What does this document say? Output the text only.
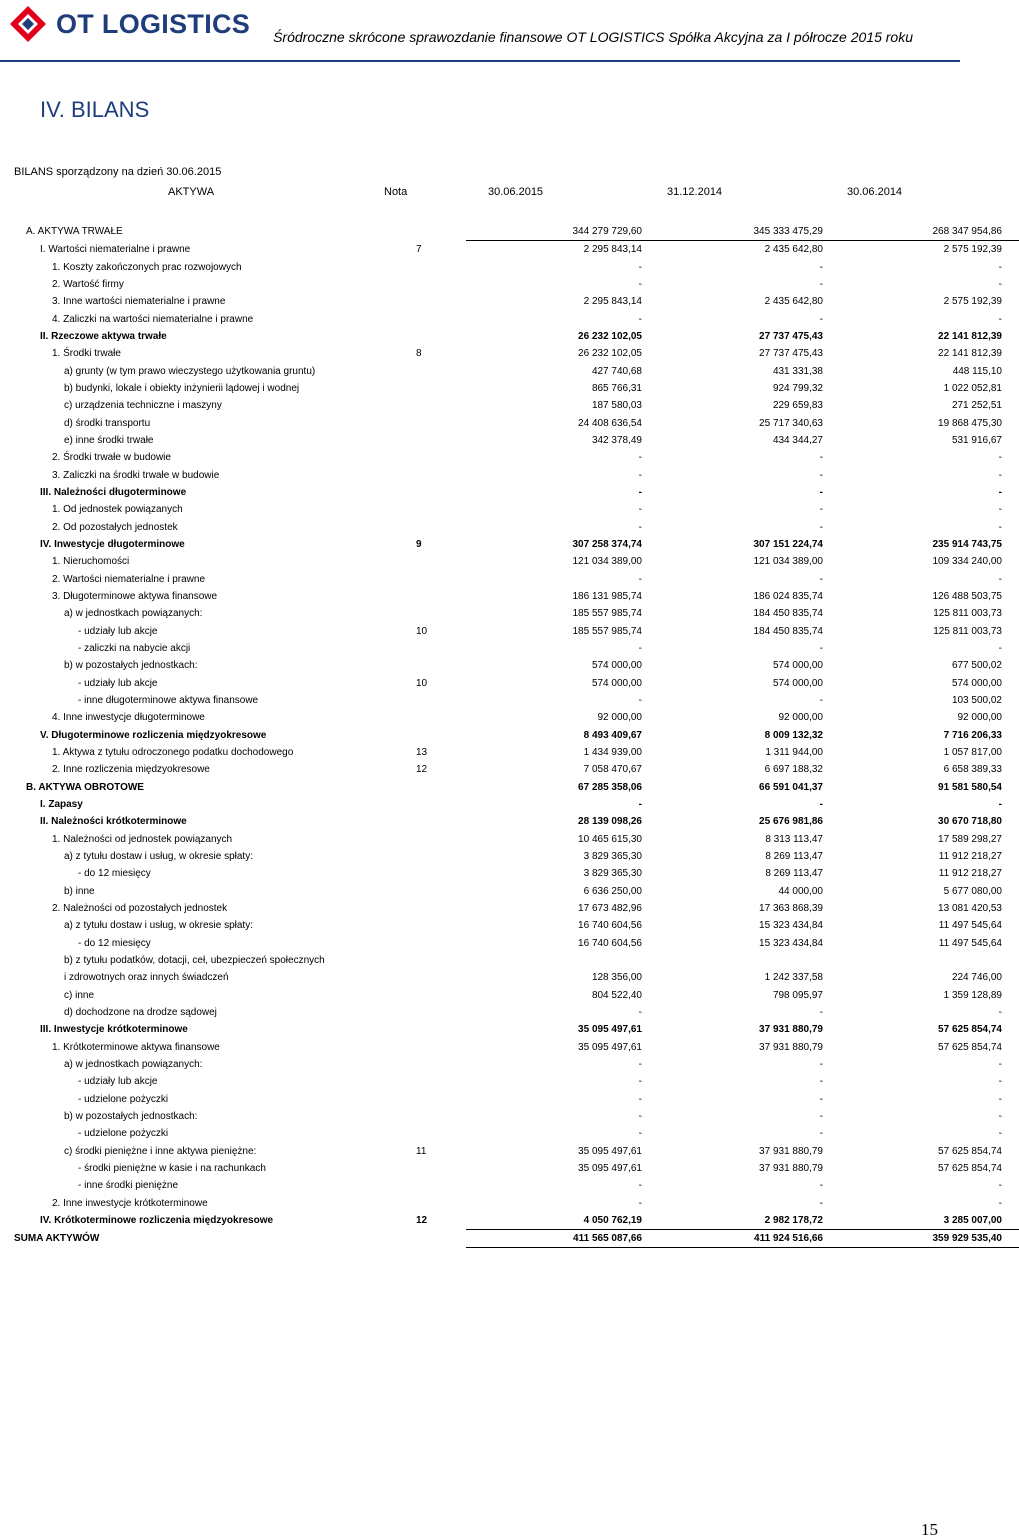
OT LOGISTICS Śródroczne skrócone sprawozdanie finansowe OT LOGISTICS Spółka Akcyjna za I półrocze 2015 roku
IV. BILANS
BILANS sporządzony na dzień 30.06.2015
AKTYWA	Nota	30.06.2015	31.12.2014	30.06.2014
A. AKTYWA TRWAŁE		344 279 729,60	345 333 475,29	268 347 954,86
I. Wartości niematerialne i prawne	7	2 295 843,14	2 435 642,80	2 575 192,39
1. Koszty zakończonych prac rozwojowych		-	-	-
2. Wartość firmy		-	-	-
3. Inne wartości niematerialne i prawne		2 295 843,14	2 435 642,80	2 575 192,39
4. Zaliczki na wartości niematerialne i prawne		-	-	-
II. Rzeczowe aktywa trwałe		26 232 102,05	27 737 475,43	22 141 812,39
1. Środki trwałe	8	26 232 102,05	27 737 475,43	22 141 812,39
a) grunty (w tym prawo wieczystego użytkowania gruntu)		427 740,68	431 331,38	448 115,10
b) budynki, lokale i obiekty inżynierii lądowej i wodnej		865 766,31	924 799,32	1 022 052,81
c) urządzenia techniczne i maszyny		187 580,03	229 659,83	271 252,51
d) środki transportu		24 408 636,54	25 717 340,63	19 868 475,30
e) inne środki trwałe		342 378,49	434 344,27	531 916,67
2. Środki trwałe w budowie		-	-	-
3. Zaliczki na środki trwałe w budowie		-	-	-
III. Należności długoterminowe		-	-	-
1. Od jednostek powiązanych		-	-	-
2. Od pozostałych jednostek		-	-	-
IV. Inwestycje długoterminowe	9	307 258 374,74	307 151 224,74	235 914 743,75
1. Nieruchomości		121 034 389,00	121 034 389,00	109 334 240,00
2. Wartości niematerialne i prawne		-	-	-
3. Długoterminowe aktywa finansowe		186 131 985,74	186 024 835,74	126 488 503,75
a) w jednostkach powiązanych:		185 557 985,74	184 450 835,74	125 811 003,73
- udziały lub akcje	10	185 557 985,74	184 450 835,74	125 811 003,73
- zaliczki na nabycie akcji		-	-	-
b) w pozostałych jednostkach:		574 000,00	574 000,00	677 500,02
- udziały lub akcje	10	574 000,00	574 000,00	574 000,00
- inne długoterminowe aktywa finansowe		-	-	103 500,02
4. Inne inwestycje długoterminowe		92 000,00	92 000,00	92 000,00
V. Długoterminowe rozliczenia międzyokresowe		8 493 409,67	8 009 132,32	7 716 206,33
1. Aktywa z tytułu odroczonego podatku dochodowego	13	1 434 939,00	1 311 944,00	1 057 817,00
2. Inne rozliczenia międzyokresowe	12	7 058 470,67	6 697 188,32	6 658 389,33
B. AKTYWA OBROTOWE		67 285 358,06	66 591 041,37	91 581 580,54
I. Zapasy		-	-	-
II. Należności krótkoterminowe		28 139 098,26	25 676 981,86	30 670 718,80
1. Należności od jednostek powiązanych		10 465 615,30	8 313 113,47	17 589 298,27
a) z tytułu dostaw i usług, w okresie spłaty:		3 829 365,30	8 269 113,47	11 912 218,27
- do 12 miesięcy		3 829 365,30	8 269 113,47	11 912 218,27
b) inne		6 636 250,00	44 000,00	5 677 080,00
2. Należności od pozostałych jednostek		17 673 482,96	17 363 868,39	13 081 420,53
a) z tytułu dostaw i usług, w okresie spłaty:		16 740 604,56	15 323 434,84	11 497 545,64
- do 12 miesięcy		16 740 604,56	15 323 434,84	11 497 545,64
b) z tytułu podatków, dotacji, ceł, ubezpieczeń społecznych				
i zdrowotnych oraz innych świadczeń		128 356,00	1 242 337,58	224 746,00
c) inne		804 522,40	798 095,97	1 359 128,89
d) dochodzone na drodze sądowej		-	-	-
III. Inwestycje krótkoterminowe		35 095 497,61	37 931 880,79	57 625 854,74
1. Krótkoterminowe aktywa finansowe		35 095 497,61	37 931 880,79	57 625 854,74
a) w jednostkach powiązanych:		-	-	-
- udziały lub akcje		-	-	-
- udzielone pożyczki		-	-	-
b) w pozostałych jednostkach:		-	-	-
- udzielone pożyczki		-	-	-
c) środki pieniężne i inne aktywa pieniężne:	11	35 095 497,61	37 931 880,79	57 625 854,74
- środki pieniężne w kasie i na rachunkach		35 095 497,61	37 931 880,79	57 625 854,74
- inne środki pieniężne		-	-	-
2. Inne inwestycje krótkoterminowe		-	-	-
IV. Krótkoterminowe rozliczenia międzyokresowe	12	4 050 762,19	2 982 178,72	3 285 007,00
SUMA AKTYWÓW		411 565 087,66	411 924 516,66	359 929 535,40
15
